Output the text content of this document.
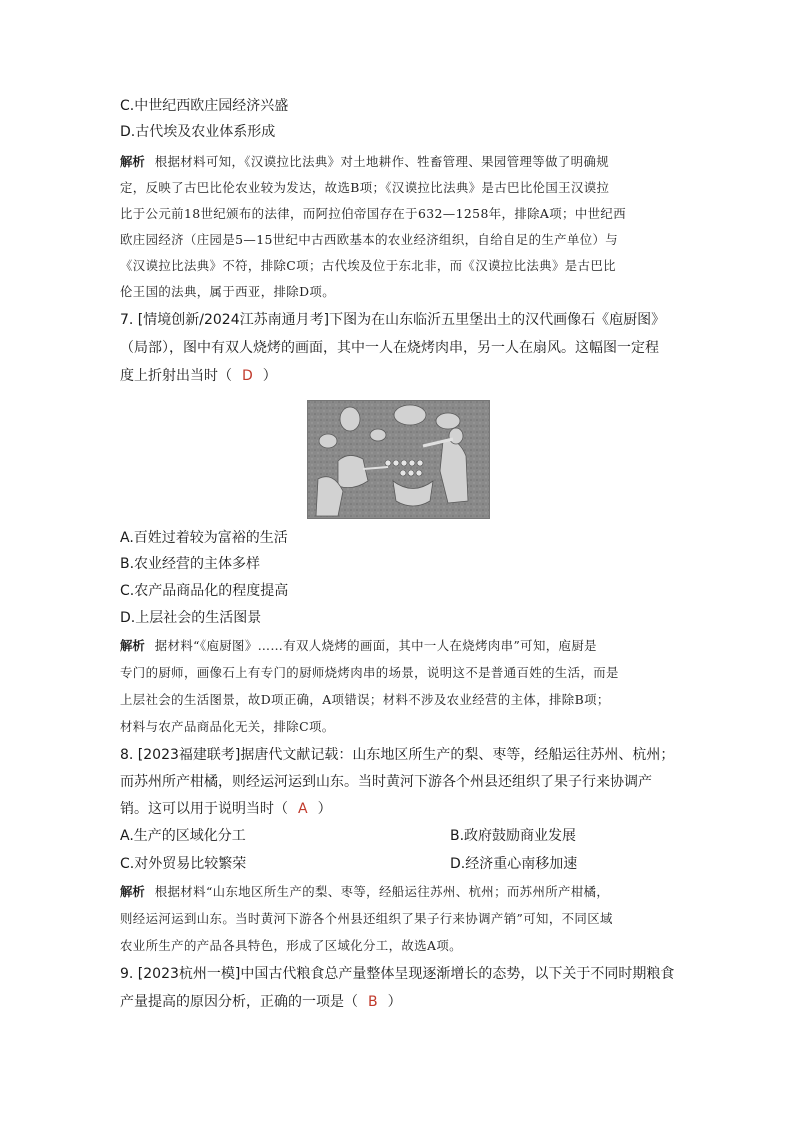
C.中世纪西欧庄园经济兴盛
D.古代埃及农业体系形成
解析 根据材料可知，《汉谟拉比法典》对土地耕作、牲畜管理、果园管理等做了明确规
定，反映了古巴比伦农业较为发达，故选B项；《汉谟拉比法典》是古巴比伦国王汉谟拉
比于公元前18世纪颁布的法律，而阿拉伯帝国存在于632—1258年，排除A项；中世纪西
欧庄园经济（庄园是5—15世纪中古西欧基本的农业经济组织，自给自足的生产单位）与
《汉谟拉比法典》不符，排除C项；古代埃及位于东北非，而《汉谟拉比法典》是古巴比
伦王国的法典，属于西亚，排除D项。
7. [情境创新/2024江苏南通月考]下图为在山东临沂五里堡出土的汉代画像石《庖厨图》
（局部），图中有双人烧烤的画面，其中一人在烧烤肉串，另一人在扇风。这幅图一定程
度上折射出当时（ D ）
A.百姓过着较为富裕的生活
B.农业经营的主体多样
C.农产品商品化的程度提高
D.上层社会的生活图景
解析 据材料“《庖厨图》……有双人烧烤的画面，其中一人在烧烤肉串”可知，庖厨是
专门的厨师，画像石上有专门的厨师烧烤肉串的场景，说明这不是普通百姓的生活，而是
上层社会的生活图景，故D项正确，A项错误；材料不涉及农业经营的主体，排除B项；
材料与农产品商品化无关，排除C项。
8. [2023福建联考]据唐代文献记载：山东地区所生产的梨、枣等，经船运往苏州、杭州；
而苏州所产柑橘，则经运河运到山东。当时黄河下游各个州县还组织了果子行来协调产
销。这可以用于说明当时（ A ）
A.生产的区域化分工	B.政府鼓励商业发展
C.对外贸易比较繁荣	D.经济重心南移加速
解析 根据材料“山东地区所生产的梨、枣等，经船运往苏州、杭州；而苏州所产柑橘，
则经运河运到山东。当时黄河下游各个州县还组织了果子行来协调产销”可知，不同区域
农业所生产的产品各具特色，形成了区域化分工，故选A项。
9. [2023杭州一模]中国古代粮食总产量整体呈现逐渐增长的态势，以下关于不同时期粮食
产量提高的原因分析，正确的一项是（ B ）
